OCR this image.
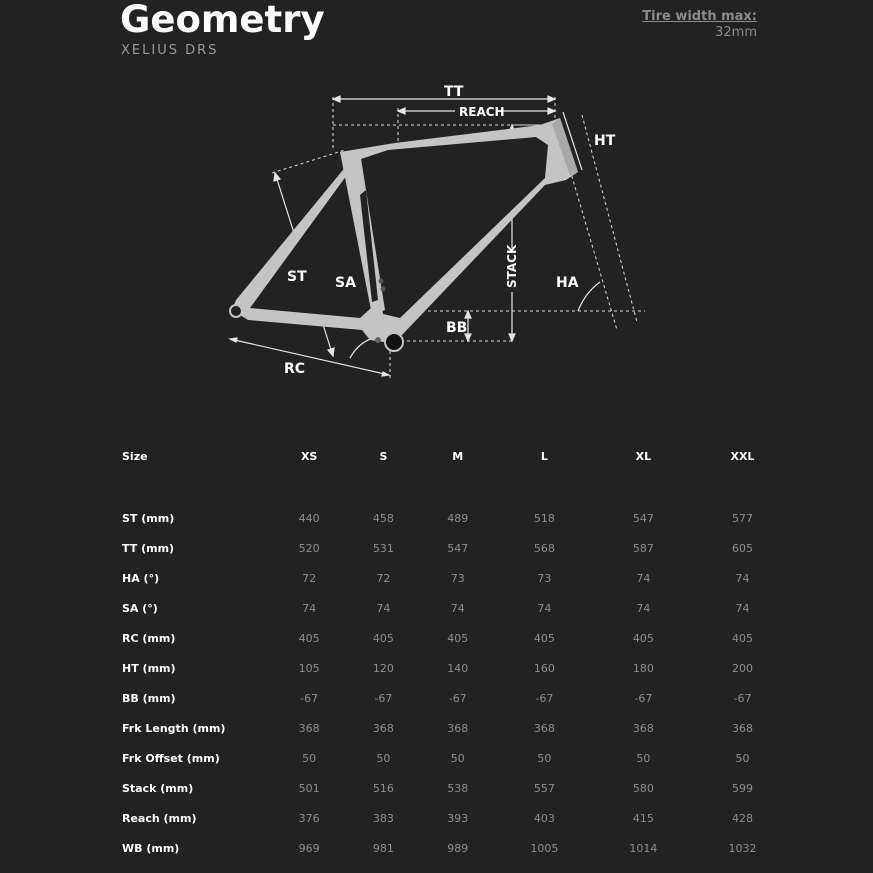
Geometry
XELIUS DRS
Tire width max:
32mm
TT
REACH
HT
ST SA	STACK	HA
BB
RC
Size	XS	S	M	L	XL	XXL

ST (mm)	440	458	489	518	547	577
TT (mm)	520	531	547	568	587	605
HA (°)	72	72	73	73	74	74
SA (°)	74	74	74	74	74	74
RC (mm)	405	405	405	405	405	405
HT (mm)	105	120	140	160	180	200
BB (mm)	-67	-67	-67	-67	-67	-67
Frk Length (mm)	368	368	368	368	368	368
Frk Offset (mm)	50	50	50	50	50	50
Stack (mm)	501	516	538	557	580	599
Reach (mm)	376	383	393	403	415	428
WB (mm)	969	981	989	1005	1014	1032
